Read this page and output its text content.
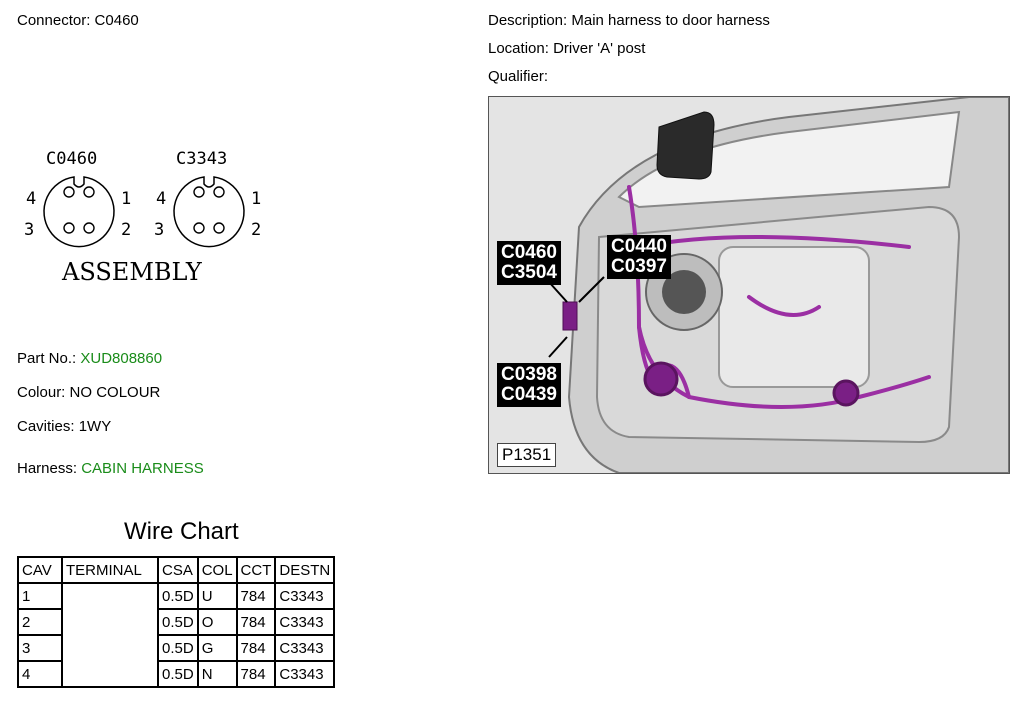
Connector: C0460	Description: Main harness to door harness
Location: Driver 'A' post
Qualifier:
C0460
4	1
3	2
C3343
4	1
3	2
ASSEMBLY
Part No.: XUD808860
Colour: NO COLOUR
Cavities: 1WY
Harness: CABIN HARNESS
Wire Chart
CAV	TERMINAL	CSA	COL	CCT	DESTN
1		0.5D	U	784	C3343
2		0.5D	O	784	C3343
3		0.5D	G	784	C3343
4		0.5D	N	784	C3343
C0460
C3504
C0440
C0397
C0398
C0439
P1351
